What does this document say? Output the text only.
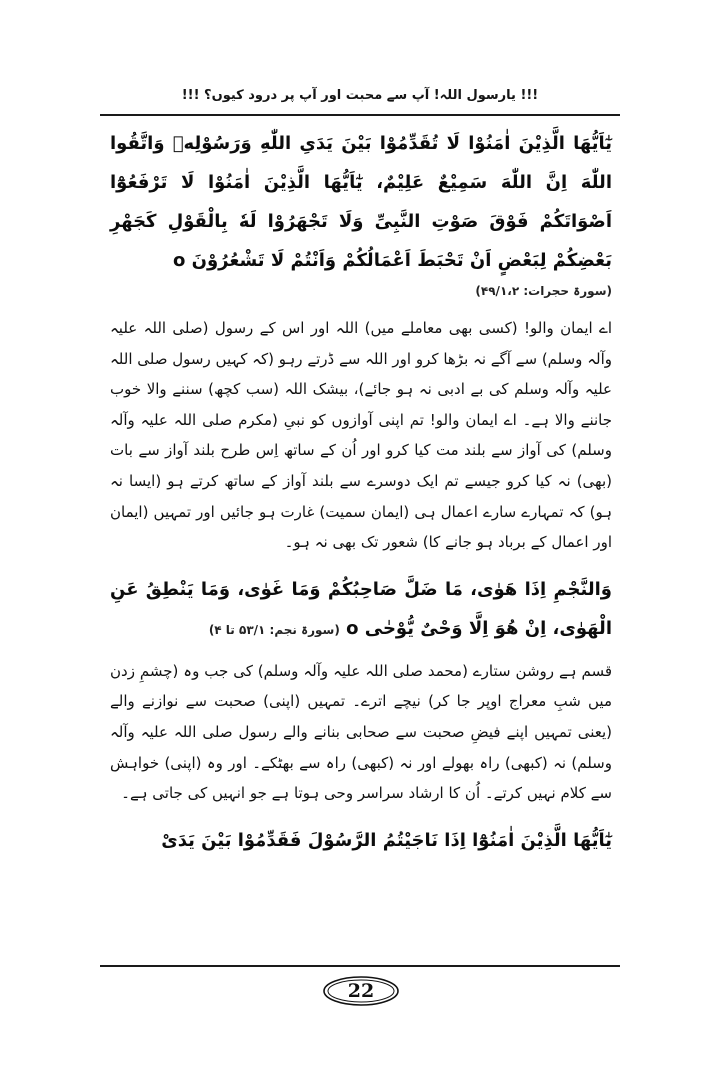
!!! یارسول اللہ! آپ سے محبت اور آپ پر درود کیوں؟ !!!

یٰٓاَیُّهَا الَّذِیْنَ اٰمَنُوْا لَا تُقَدِّمُوْا بَیْنَ یَدَیِ اللّٰهِ وَرَسُوْلِهٖ وَاتَّقُوا اللّٰهَ اِنَّ اللّٰهَ سَمِیْعٌ عَلِیْمٌ، یٰٓاَیُّهَا الَّذِیْنَ اٰمَنُوْا لَا تَرْفَعُوْٓا اَصْوَاتَكُمْ فَوْقَ صَوْتِ النَّبِیِّ وَلَا تَجْهَرُوْا لَهٗ بِالْقَوْلِ كَجَهْرِ بَعْضِكُمْ لِبَعْضٍ اَنْ تَحْبَطَ اَعْمَالُكُمْ وَاَنْتُمْ لَا تَشْعُرُوْنَ o

(سورۃ حجرات: ۴۹/۱،۲)

اے ایمان والو! (کسی بھی معاملے میں) اللہ اور اس کے رسول (صلی اللہ علیہ وآلہ وسلم) سے آگے نہ بڑھا کرو اور اللہ سے ڈرتے رہو (کہ کہیں رسول صلی اللہ علیہ وآلہ وسلم کی بے ادبی نہ ہو جائے)، بیشک اللہ (سب کچھ) سننے والا خوب جاننے والا ہے۔ اے ایمان والو! تم اپنی آوازوں کو نبیِ (مکرم صلی اللہ علیہ وآلہ وسلم) کی آواز سے بلند مت کیا کرو اور اُن کے ساتھ اِس طرح بلند آواز سے بات (بھی) نہ کیا کرو جیسے تم ایک دوسرے سے بلند آواز کے ساتھ کرتے ہو (ایسا نہ ہو) کہ تمہارے سارے اعمال ہی (ایمان سمیت) غارت ہو جائیں اور تمہیں (ایمان اور اعمال کے برباد ہو جانے کا) شعور تک بھی نہ ہو۔

وَالنَّجْمِ اِذَا هَوٰی، مَا ضَلَّ صَاحِبُكُمْ وَمَا غَوٰی، وَمَا یَنْطِقُ عَنِ الْهَوٰی، اِنْ هُوَ اِلَّا وَحْیٌ یُّوْحٰی o (سورۃ نجم: ۵۳/۱ تا ۴)

قسم ہے روشن ستارے (محمد صلی اللہ علیہ وآلہ وسلم) کی جب وہ (چشمِ زدن میں شبِ معراج اوپر جا کر) نیچے اترے۔ تمہیں (اپنی) صحبت سے نوازنے والے (یعنی تمہیں اپنے فیضِ صحبت سے صحابی بنانے والے رسول صلی اللہ علیہ وآلہ وسلم) نہ (کبھی) راہ بھولے اور نہ (کبھی) راہ سے بھٹکے۔ اور وہ (اپنی) خواہش سے کلام نہیں کرتے۔ اُن کا ارشاد سراسر وحی ہوتا ہے جو انہیں کی جاتی ہے۔

یٰٓاَیُّهَا الَّذِیْنَ اٰمَنُوْٓا اِذَا نَاجَیْتُمُ الرَّسُوْلَ فَقَدِّمُوْا بَیْنَ یَدَیْ

22
